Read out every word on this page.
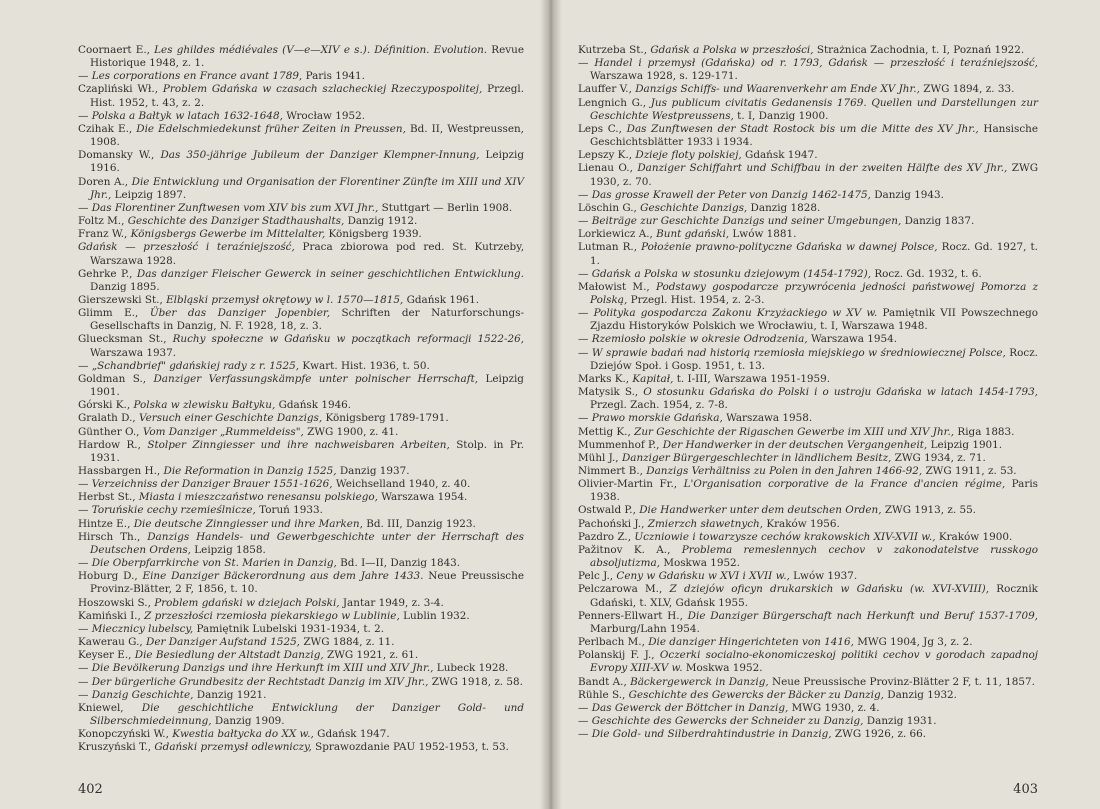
Coornaert E., Les ghildes médiévales (V—e—XIV e s.). Définition. Evolution. Revue Historique 1948, z. 1.
— Les corporations en France avant 1789, Paris 1941.
Czapliński Wł., Problem Gdańska w czasach szlacheckiej Rzeczypospolitej, Przegl. Hist. 1952, t. 43, z. 2.
— Polska a Bałtyk w latach 1632-1648, Wrocław 1952.
Czihak E., Die Edelschmiedekunst früher Zeiten in Preussen, Bd. II, Westpreussen, 1908.
Domansky W., Das 350-jährige Jubileum der Danziger Klempner-Innung, Leipzig 1916.
Doren A., Die Entwicklung und Organisation der Florentiner Zünfte im XIII und XIV Jhr., Leipzig 1897.
— Das Florentiner Zunftwesen vom XIV bis zum XVI Jhr., Stuttgart — Berlin 1908.
Foltz M., Geschichte des Danziger Stadthaushalts, Danzig 1912.
Franz W., Königsbergs Gewerbe im Mittelalter, Königsberg 1939.
Gdańsk — przeszłość i teraźniejszość, Praca zbiorowa pod red. St. Kutrzeby, Warszawa 1928.
Gehrke P., Das danziger Fleischer Gewerck in seiner geschichtlichen Entwicklung. Danzig 1895.
Gierszewski St., Elbląski przemysł okrętowy w l. 1570—1815, Gdańsk 1961.
Glimm E., Über das Danziger Jopenbier, Schriften der Naturforschungs-Gesellschafts in Danzig, N. F. 1928, 18, z. 3.
Gluecksman St., Ruchy społeczne w Gdańsku w początkach reformacji 1522-26, Warszawa 1937.
— „Schandbrief" gdańskiej rady z r. 1525, Kwart. Hist. 1936, t. 50.
Goldman S., Danziger Verfassungskämpfe unter polnischer Herrschaft, Leipzig 1901.
Górski K., Polska w zlewisku Bałtyku, Gdańsk 1946.
Gralath D., Versuch einer Geschichte Danzigs, Königsberg 1789-1791.
Günther O., Vom Danziger „Rummeldeiss", ZWG 1900, z. 41.
Hardow R., Stolper Zinngiesser und ihre nachweisbaren Arbeiten, Stolp. in Pr. 1931.
Hassbargen H., Die Reformation in Danzig 1525, Danzig 1937.
— Verzeichniss der Danziger Brauer 1551-1626, Weichselland 1940, z. 40.
Herbst St., Miasta i mieszczaństwo renesansu polskiego, Warszawa 1954.
— Toruńskie cechy rzemieślnicze, Toruń 1933.
Hintze E., Die deutsche Zinngiesser und ihre Marken, Bd. III, Danzig 1923.
Hirsch Th., Danzigs Handels- und Gewerbgeschichte unter der Herrschaft des Deutschen Ordens, Leipzig 1858.
— Die Oberpfarrkirche von St. Marien in Danzig, Bd. I—II, Danzig 1843.
Hoburg D., Eine Danziger Bäckerordnung aus dem Jahre 1433. Neue Preussische Provinz-Blätter, 2 F, 1856, t. 10.
Hoszowski S., Problem gdański w dziejach Polski, Jantar 1949, z. 3-4.
Kamiński I., Z przeszłości rzemiosła piekarskiego w Lublinie, Lublin 1932.
— Miecznicy lubelscy, Pamiętnik Lubelski 1931-1934, t. 2.
Kawerau G., Der Danziger Aufstand 1525, ZWG 1884, z. 11.
Keyser E., Die Besiedlung der Altstadt Danzig, ZWG 1921, z. 61.
— Die Bevölkerung Danzigs und ihre Herkunft im XIII und XIV Jhr., Lubeck 1928.
— Der bürgerliche Grundbesitz der Rechtstadt Danzig im XIV Jhr., ZWG 1918, z. 58.
— Danzig Geschichte, Danzig 1921.
Kniewel, Die geschichtliche Entwicklung der Danziger Gold- und Silberschmiedeinnung, Danzig 1909.
Konopczyński W., Kwestia bałtycka do XX w., Gdańsk 1947.
Kruszyński T., Gdański przemysł odlewniczy, Sprawozdanie PAU 1952-1953, t. 53.
402
Kutrzeba St., Gdańsk a Polska w przeszłości, Strażnica Zachodnia, t. I, Poznań 1922.
— Handel i przemysł (Gdańska) od r. 1793, Gdańsk — przeszłość i teraźniejszość, Warszawa 1928, s. 129-171.
Lauffer V., Danzigs Schiffs- und Waarenverkehr am Ende XV Jhr., ZWG 1894, z. 33.
Lengnich G., Jus publicum civitatis Gedanensis 1769. Quellen und Darstellungen zur Geschichte Westpreussens, t. I, Danzig 1900.
Leps C., Das Zunftwesen der Stadt Rostock bis um die Mitte des XV Jhr., Hansische Geschichtsblätter 1933 i 1934.
Lepszy K., Dzieje floty polskiej, Gdańsk 1947.
Lienau O., Danziger Schiffahrt und Schiffbau in der zweiten Hälfte des XV Jhr., ZWG 1930, z. 70.
— Das grosse Krawell der Peter von Danzig 1462-1475, Danzig 1943.
Löschin G., Geschichte Danzigs, Danzig 1828.
— Beiträge zur Geschichte Danzigs und seiner Umgebungen, Danzig 1837.
Lorkiewicz A., Bunt gdański, Lwów 1881.
Lutman R., Położenie prawno-polityczne Gdańska w dawnej Polsce, Rocz. Gd. 1927, t. 1.
— Gdańsk a Polska w stosunku dziejowym (1454-1792), Rocz. Gd. 1932, t. 6.
Małowist M., Podstawy gospodarcze przywrócenia jedności państwowej Pomorza z Polską, Przegl. Hist. 1954, z. 2-3.
— Polityka gospodarcza Zakonu Krzyżackiego w XV w. Pamiętnik VII Powszechnego Zjazdu Historyków Polskich we Wrocławiu, t. I, Warszawa 1948.
— Rzemiosło polskie w okresie Odrodzenia, Warszawa 1954.
— W sprawie badań nad historią rzemiosła miejskiego w średniowiecznej Polsce, Rocz. Dziejów Społ. i Gosp. 1951, t. 13.
Marks K., Kapitał, t. I-III, Warszawa 1951-1959.
Matysik S., O stosunku Gdańska do Polski i o ustroju Gdańska w latach 1454-1793, Przegl. Zach. 1954, z. 7-8.
— Prawo morskie Gdańska, Warszawa 1958.
Mettig K., Zur Geschichte der Rigaschen Gewerbe im XIII und XIV Jhr., Riga 1883.
Mummenhof P., Der Handwerker in der deutschen Vergangenheit, Leipzig 1901.
Mühl J., Danziger Bürgergeschlechter in ländlichem Besitz, ZWG 1934, z. 71.
Nimmert B., Danzigs Verhältniss zu Polen in den Jahren 1466-92, ZWG 1911, z. 53.
Olivier-Martin Fr., L'Organisation corporative de la France d'ancien régime, Paris 1938.
Ostwald P., Die Handwerker unter dem deutschen Orden, ZWG 1913, z. 55.
Pachoński J., Zmierzch sławetnych, Kraków 1956.
Pazdro Z., Uczniowie i towarzysze cechów krakowskich XIV-XVII w., Kraków 1900.
Pažitnov K. A., Problema remeslennych cechov v zakonodatelstve russkogo absoljutizma, Moskwa 1952.
Pelc J., Ceny w Gdańsku w XVI i XVII w., Lwów 1937.
Pelczarowa M., Z dziejów oficyn drukarskich w Gdańsku (w. XVI-XVIII), Rocznik Gdański, t. XLV, Gdańsk 1955.
Penners-Ellwart H., Die Danziger Bürgerschaft nach Herkunft und Beruf 1537-1709, Marburg/Lahn 1954.
Perlbach M., Die danziger Hingerichteten von 1416, MWG 1904, Jg 3, z. 2.
Polanskij F. J., Oczerki socialno-ekonomiczeskoj politiki cechov v gorodach zapadnoj Evropy XIII-XV w. Moskwa 1952.
Bandt A., Bäckergewerck in Danzig, Neue Preussische Provinz-Blätter 2 F, t. 11, 1857.
Rühle S., Geschichte des Gewercks der Bäcker zu Danzig, Danzig 1932.
— Das Gewerck der Böttcher in Danzig, MWG 1930, z. 4.
— Geschichte des Gewercks der Schneider zu Danzig, Danzig 1931.
— Die Gold- und Silberdrahtindustrie in Danzig, ZWG 1926, z. 66.
403
